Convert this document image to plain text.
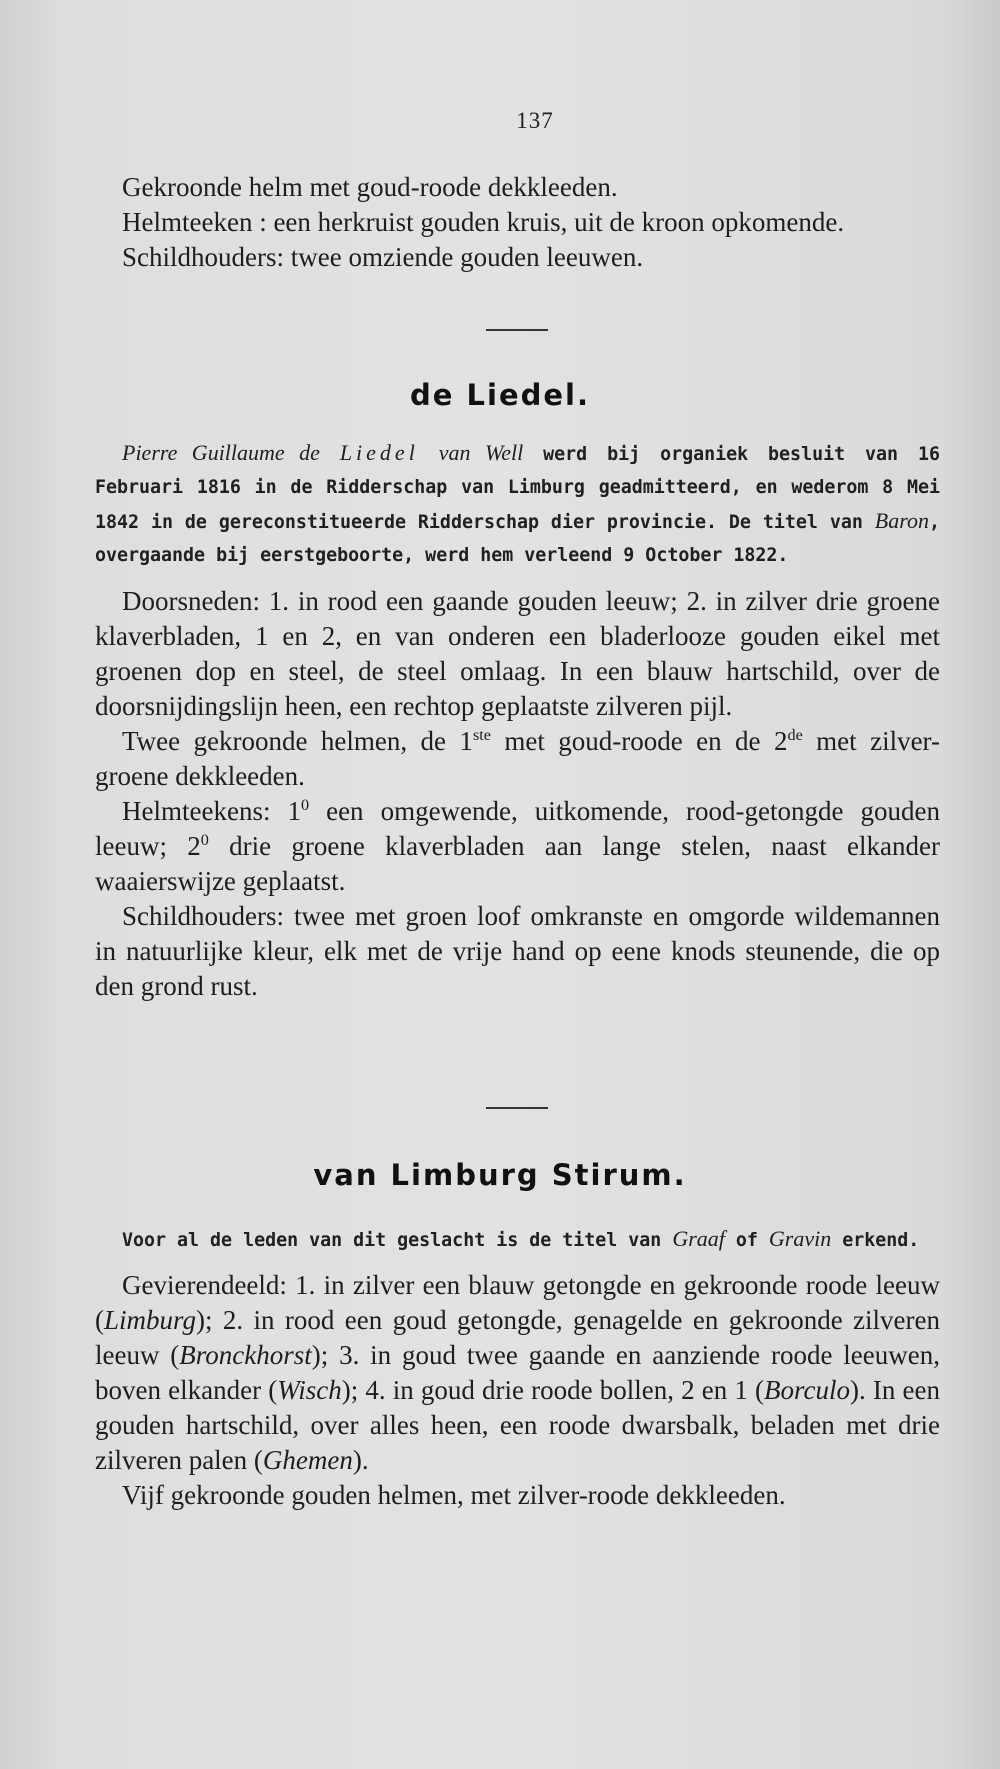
137

Gekroonde helm met goud-roode dekkleeden.

Helmteeken : een herkruist gouden kruis, uit de kroon opkomende.

Schildhouders: twee omziende gouden leeuwen.

de Liedel.

Pierre Guillaume de Liedel van Well werd bij organiek besluit van 16 Februari 1816 in de Ridderschap van Limburg geadmitteerd, en wederom 8 Mei 1842 in de gereconstitueerde Ridderschap dier provincie. De titel van Baron, overgaande bij eerstgeboorte, werd hem verleend 9 October 1822.

Doorsneden: 1. in rood een gaande gouden leeuw; 2. in zilver drie groene klaverbladen, 1 en 2, en van onderen een bladerlooze gouden eikel met groenen dop en steel, de steel omlaag. In een blauw hartschild, over de doorsnijdingslijn heen, een rechtop geplaatste zilveren pijl.

Twee gekroonde helmen, de 1ste met goud-roode en de 2de met zilver-groene dekkleeden.

Helmteekens: $1^0$ een omgewende, uitkomende, rood-getongde gouden leeuw; $2^0$ drie groene klaverbladen aan lange stelen, naast elkander waaierswijze geplaatst.

Schildhouders: twee met groen loof omkranste en omgorde wildemannen in natuurlijke kleur, elk met de vrije hand op eene knods steunende, die op den grond rust.

van Limburg Stirum.

Voor al de leden van dit geslacht is de titel van Graaf of Gravin erkend.

Gevierendeeld: 1. in zilver een blauw getongde en gekroonde roode leeuw (Limburg); 2. in rood een goud getongde, genagelde en gekroonde zilveren leeuw (Bronckhorst); 3. in goud twee gaande en aanziende roode leeuwen, boven elkander (Wisch); 4. in goud drie roode bollen, 2 en 1 (Borculo). In een gouden hartschild, over alles heen, een roode dwarsbalk, beladen met drie zilveren palen (Ghemen).

Vijf gekroonde gouden helmen, met zilver-roode dekkleeden.
